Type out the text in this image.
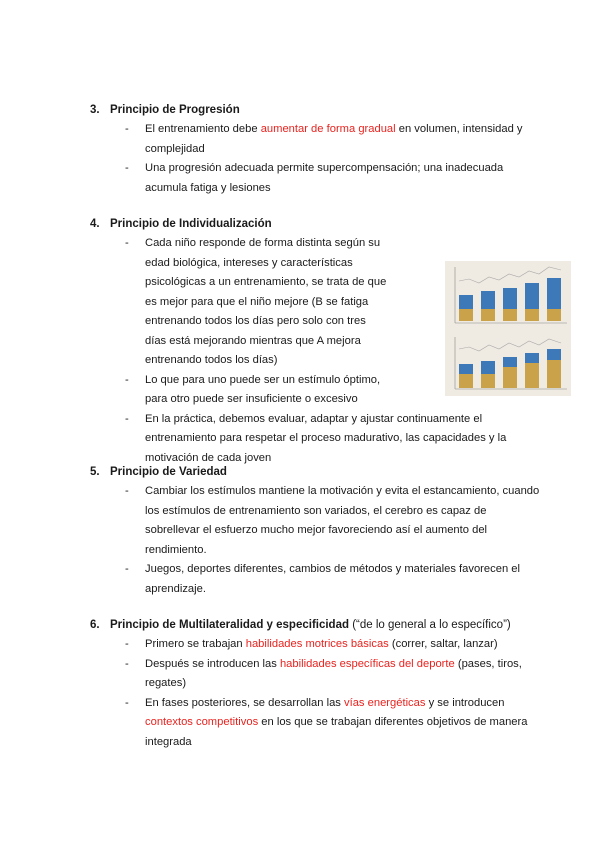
3. Principio de Progresión
- El entrenamiento debe aumentar de forma gradual en volumen, intensidad y complejidad
- Una progresión adecuada permite supercompensación; una inadecuada acumula fatiga y lesiones
4. Principio de Individualización
- Cada niño responde de forma distinta según su edad biológica, intereses y características psicológicas a un entrenamiento, se trata de que es mejor para que el niño mejore (B se fatiga entrenando todos los días pero solo con tres días está mejorando mientras que A mejora entrenando todos los días)
- Lo que para uno puede ser un estímulo óptimo, para otro puede ser insuficiente o excesivo
- En la práctica, debemos evaluar, adaptar y ajustar continuamente el entrenamiento para respetar el proceso madurativo, las capacidades y la motivación de cada joven
5. Principio de Variedad
- Cambiar los estímulos mantiene la motivación y evita el estancamiento, cuando los estímulos de entrenamiento son variados, el cerebro es capaz de sobrellevar el esfuerzo mucho mejor favoreciendo así el aumento del rendimiento.
- Juegos, deportes diferentes, cambios de métodos y materiales favorecen el aprendizaje.
6. Principio de Multilateralidad y especificidad (“de lo general a lo específico”)
- Primero se trabajan habilidades motrices básicas (correr, saltar, lanzar)
- Después se introducen las habilidades específicas del deporte (pases, tiros, regates)
- En fases posteriores, se desarrollan las vías energéticas y se introducen contextos competitivos en los que se trabajan diferentes objetivos de manera integrada
